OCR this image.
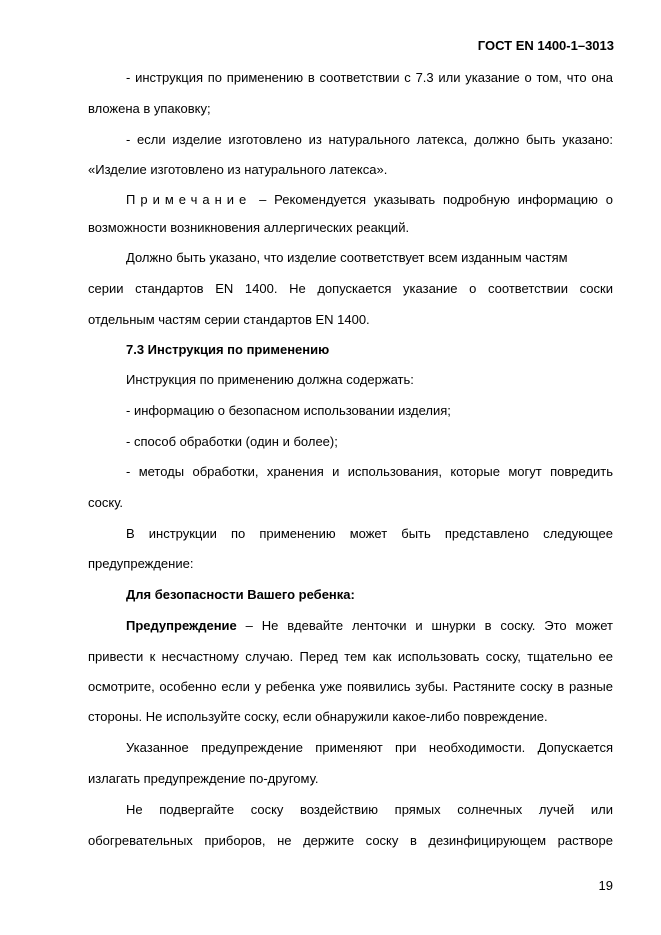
ГОСТ EN 1400-1–3013
- инструкция по применению в соответствии с 7.3 или указание о том, что она
вложена в упаковку;
- если изделие изготовлено из натурального латекса, должно быть указано:
«Изделие изготовлено из натурального латекса».
Примечание – Рекомендуется указывать подробную информацию о
возможности возникновения аллергических реакций.
Должно быть указано, что изделие соответствует всем изданным частям
серии стандартов EN 1400. Не допускается указание о соответствии соски
отдельным частям серии стандартов EN 1400.
7.3 Инструкция по применению
Инструкция по применению должна содержать:
- информацию о безопасном использовании изделия;
- способ обработки (один и более);
- методы обработки, хранения и использования, которые могут повредить
соску.
В инструкции по применению может быть представлено следующее
предупреждение:
Для безопасности Вашего ребенка:
Предупреждение – Не вдевайте ленточки и шнурки в соску. Это может
привести к несчастному случаю. Перед тем как использовать соску, тщательно ее
осмотрите, особенно если у ребенка уже появились зубы. Растяните соску в разные
стороны. Не используйте соску, если обнаружили какое-либо повреждение.
Указанное предупреждение применяют при необходимости. Допускается
излагать предупреждение по-другому.
Не подвергайте соску воздействию прямых солнечных лучей или
обогревательных приборов, не держите соску в дезинфицирующем растворе
19
